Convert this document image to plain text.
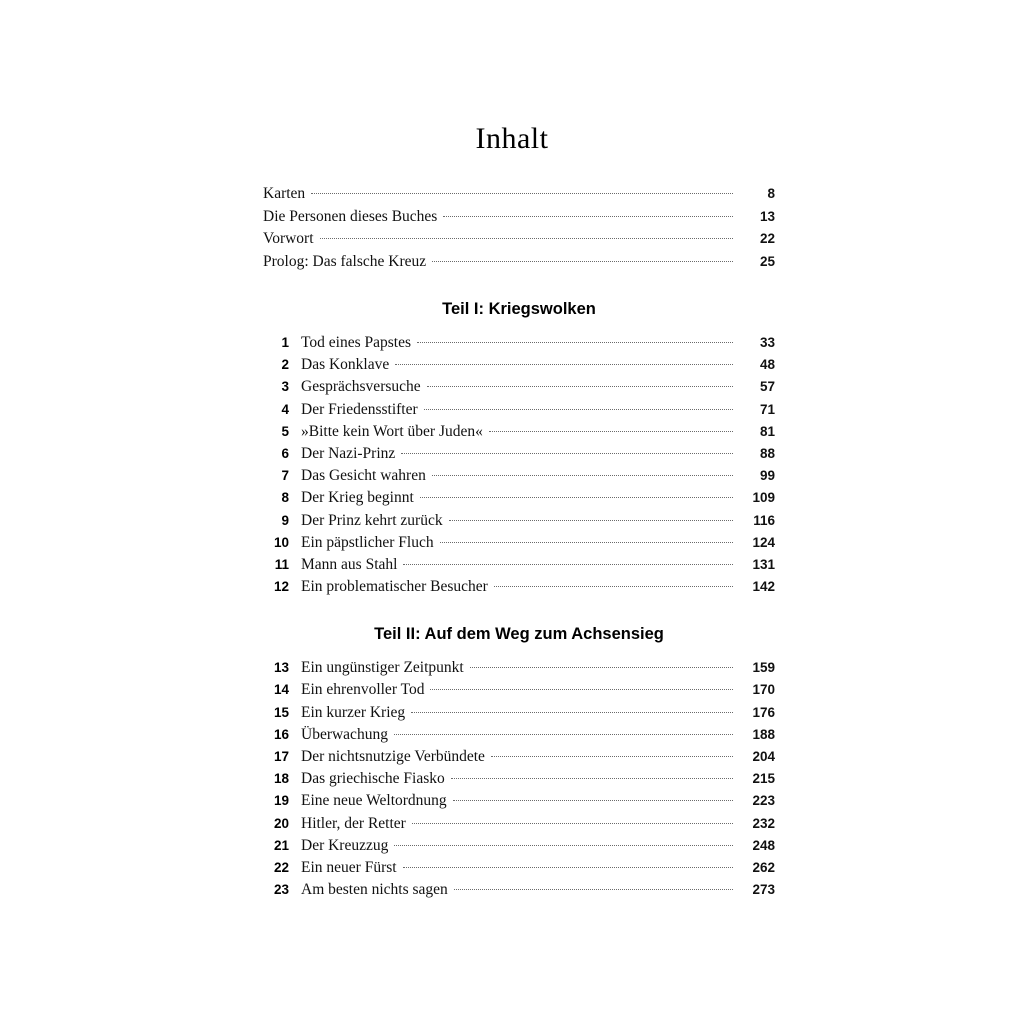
Inhalt
Karten	8
Die Personen dieses Buches	13
Vorwort	22
Prolog: Das falsche Kreuz	25
Teil I: Kriegswolken
1 Tod eines Papstes	33
2 Das Konklave	48
3 Gesprächsversuche	57
4 Der Friedensstifter	71
5 »Bitte kein Wort über Juden«	81
6 Der Nazi-Prinz	88
7 Das Gesicht wahren	99
8 Der Krieg beginnt	109
9 Der Prinz kehrt zurück	116
10 Ein päpstlicher Fluch	124
11 Mann aus Stahl	131
12 Ein problematischer Besucher	142
Teil II: Auf dem Weg zum Achsensieg
13 Ein ungünstiger Zeitpunkt	159
14 Ein ehrenvoller Tod	170
15 Ein kurzer Krieg	176
16 Überwachung	188
17 Der nichtsnutzige Verbündete	204
18 Das griechische Fiasko	215
19 Eine neue Weltordnung	223
20 Hitler, der Retter	232
21 Der Kreuzzug	248
22 Ein neuer Fürst	262
23 Am besten nichts sagen	273
